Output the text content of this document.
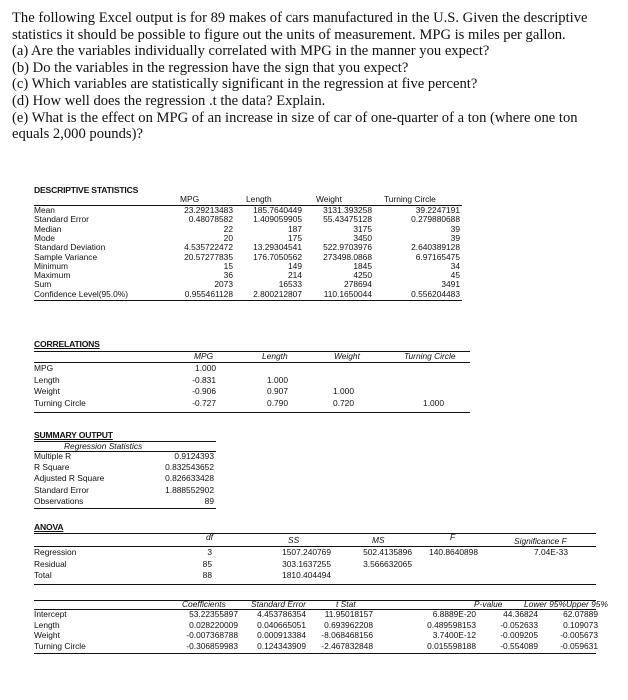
The following Excel output is for 89 makes of cars manufactured in the U.S. Given the descriptive statistics it should be possible to figure out the units of measurement. MPG is miles per gallon.

(a) Are the variables individually correlated with MPG in the manner you expect?

(b) Do the variables in the regression have the sign that you expect?

(c) Which variables are statistically significant in the regression at five percent?

(d) How well does the regression .t the data? Explain.

(e) What is the effect on MPG of an increase in size of car of one-quarter of a ton (where one ton equals 2,000 pounds)?

DESCRIPTIVE STATISTICS
MPG	Length	Weight	Turning Circle
Mean	23.29213483 185.7640449	3131.393258	39.2247191
Standard Error	0.48078582 1.409059905	55.43475128	0.279880688
Median	22	187	3175	39
Mode	20	175	3450	39
Standard Deviation	4.535722472 13.29304541	522.9703976	2.640389128
Sample Variance	20.57277835 176.7050562	273498.0868	6.97165475
Minimum	15	149	1845	34
Maximum	36	214	4250	45
Sum	2073	16533	278694	3491
Confidence Level(95.0%)	0.955461128 2.800212807	110.1650044	0.556204483
CORRELATIONS
MPG	Length	Weight	Turning Circle
MPG	1.000
Length	-0.831	1.000
Weight	-0.906	0.907	1.000
Turning Circle	-0.727	0.790	0.720	1.000
SUMMARY OUTPUT
Regression Statistics
Multiple R	0.9124393
R Square	0.832543652
Adjusted R Square	0.826633428
Standard Error	1.888552902
Observations	89
ANOVA
df	SS	MS	F	Significance F
Regression	3	1507.240769	502.4135896 140.8640898	7.04E-33
Residual	85	303.1637255	3.566632065
Total	88	1810.404494
Coefficients	Standard Error	t Stat	P-value	Lower 95% Upper 95%
Intercept	53.22355897 4.453786354 11.95018157	6.8889E-20	44.36824	62.07889
Length	0.028220009 0.040665051 0.693962208	0.489598153	-0.052633	0.109073
Weight	-0.007368788 0.000913384 -8.068468156	3.7400E-12	-0.009205	-0.005673
Turning Circle	-0.306859983 0.124343909 -2.467832848	0.015598188	-0.554089	-0.059631
